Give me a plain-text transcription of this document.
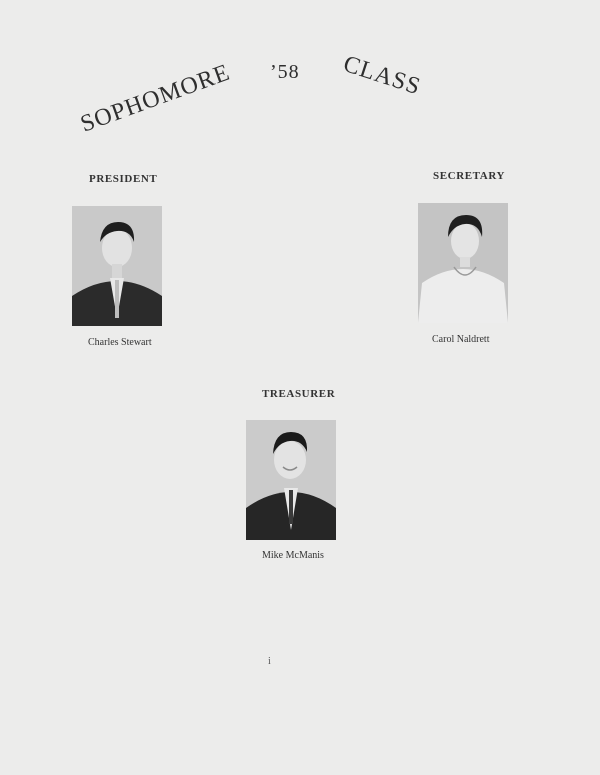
SOPHOMORE ’58 CLASS
PRESIDENT
Charles Stewart
SECRETARY
Carol Naldrett
TREASURER
Mike McManis
i
